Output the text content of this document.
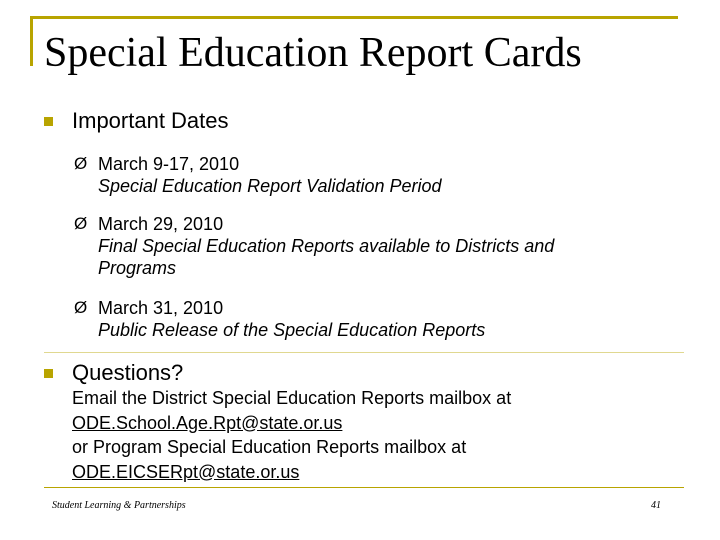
Special Education Report Cards
Important Dates
Ø March 9-17, 2010
Special Education Report Validation Period
Ø March 29, 2010
Final Special Education Reports available to Districts and Programs
Ø March 31, 2010
Public Release of the Special Education Reports
Questions?
Email the District Special Education Reports mailbox at
ODE.School.Age.Rpt@state.or.us
or Program Special Education Reports mailbox at
ODE.EICSERpt@state.or.us
Student Learning & Partnerships	41
